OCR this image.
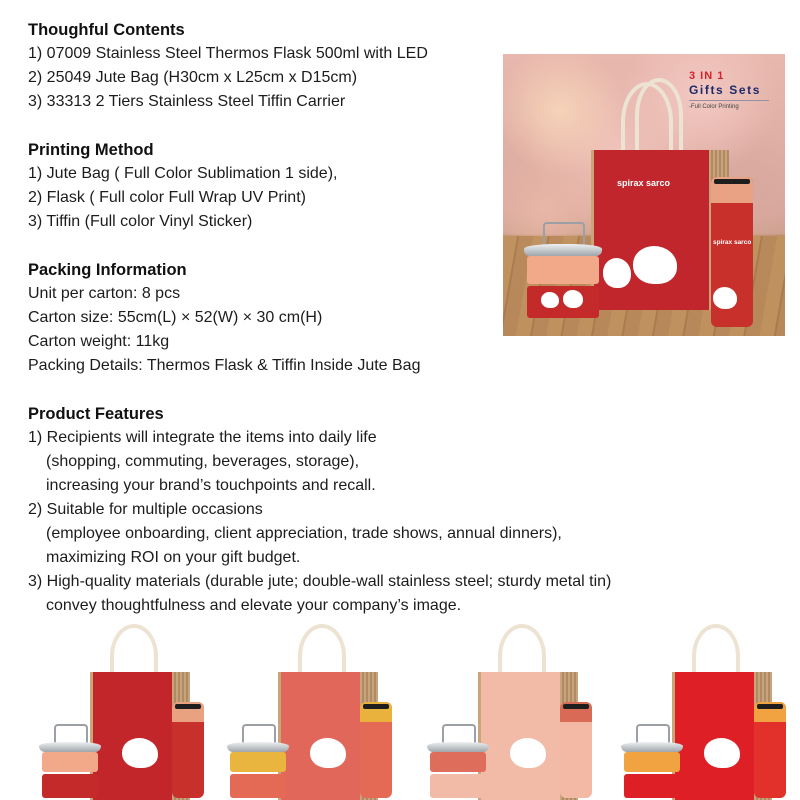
Thoughful Contents
1) 07009 Stainless Steel Thermos Flask 500ml with LED
2) 25049 Jute Bag (H30cm x L25cm x D15cm)
3) 33313 2 Tiers Stainless Steel Tiffin Carrier
Printing Method
1) Jute Bag ( Full Color Sublimation 1 side),
2) Flask ( Full color Full Wrap UV Print)
3) Tiffin (Full color Vinyl Sticker)
Packing Information
Unit per carton: 8 pcs
Carton size: 55cm(L) × 52(W) × 30 cm(H)
Carton weight: 11kg
Packing Details: Thermos Flask & Tiffin Inside Jute Bag
Product Features
1) Recipients will integrate the items into daily life
(shopping, commuting, beverages, storage),
increasing your brand’s touchpoints and recall.
2) Suitable for multiple occasions
(employee onboarding, client appreciation, trade shows, annual dinners),
maximizing ROI on your gift budget.
3) High-quality materials (durable jute; double-wall stainless steel; sturdy metal tin)
convey thoughtfulness and elevate your company’s image.
3 IN 1
Gifts Sets
-Full Color Printing
spirax sarco
spirax sarco
